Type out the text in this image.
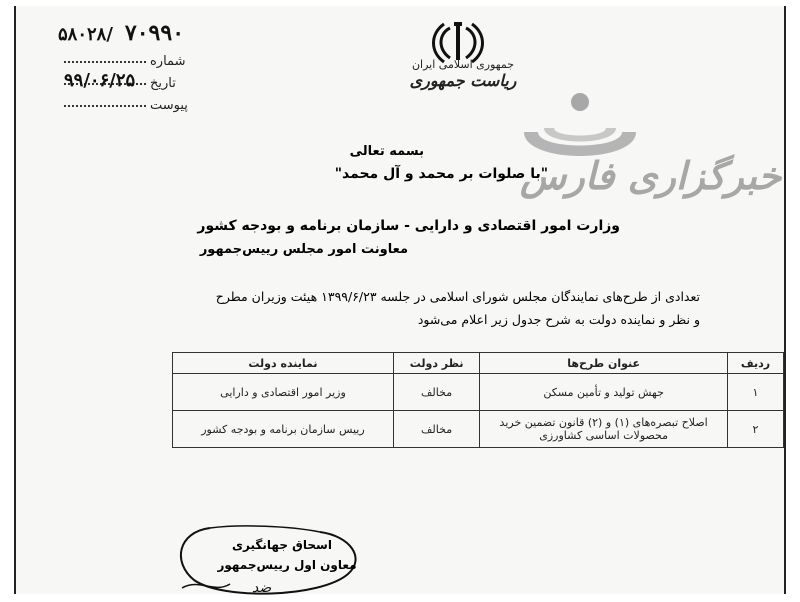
۵۸۰۲۸/ ۷۰۹۹۰
شماره
۹۹/۰۶/۲۵ تاریخ
پیوست
جمهوری اسلامی ایران
ریاست جمهوری
خبرگزاری فارس
بسمه تعالی
"با صلوات بر محمد و آل محمد"
وزارت امور اقتصادی و دارایی - سازمان برنامه و بودجه کشور
معاونت امور مجلس رییس‌جمهور
تعدادی از طرح‌های نمایندگان مجلس شورای اسلامی در جلسه ۱۳۹۹/۶/۲۳ هیئت وزیران مطرح
و نظر و نماینده دولت به شرح جدول زیر اعلام می‌شود
ردیف	عنوان طرح‌ها	نظر دولت	نماینده دولت
۱	جهش تولید و تأمین مسکن	مخالف	وزیر امور اقتصادی و دارایی
۲	اصلاح تبصره‌های (۱) و (۲) قانون تضمین خرید محصولات اساسی کشاورزی	مخالف	رییس سازمان برنامه و بودجه کشور
اسحاق جهانگیری
معاون اول رییس‌جمهور
ضد
